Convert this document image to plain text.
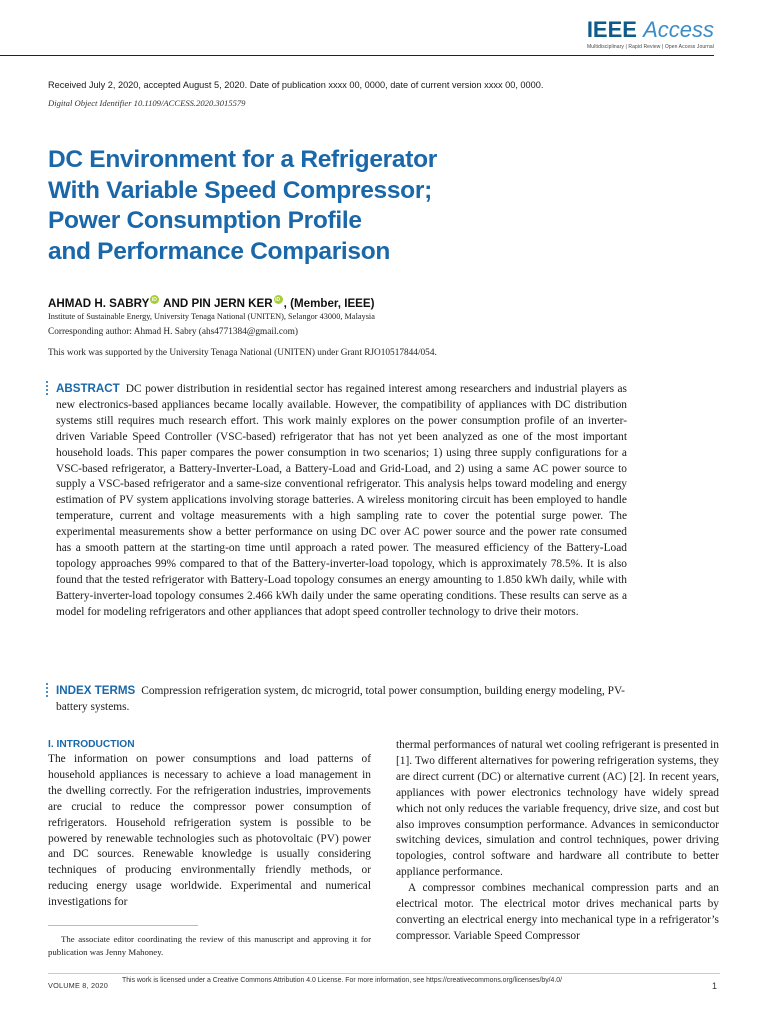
IEEE Access
Multidisciplinary | Rapid Review | Open Access Journal
Received July 2, 2020, accepted August 5, 2020. Date of publication xxxx 00, 0000, date of current version xxxx 00, 0000.
Digital Object Identifier 10.1109/ACCESS.2020.3015579
DC Environment for a Refrigerator
With Variable Speed Compressor;
Power Consumption Profile
and Performance Comparison
AHMAD H. SABRYiD AND PIN JERN KERiD , (Member, IEEE)
Institute of Sustainable Energy, University Tenaga National (UNITEN), Selangor 43000, Malaysia
Corresponding author: Ahmad H. Sabry (ahs4771384@gmail.com)
This work was supported by the University Tenaga National (UNITEN) under Grant RJO10517844/054.
ABSTRACT DC power distribution in residential sector has regained interest among researchers and industrial players as new electronics-based appliances became locally available. However, the compatibility of appliances with DC distribution systems still requires much research effort. This work mainly explores on the power consumption profile of an inverter-driven Variable Speed Controller (VSC-based) refrigerator that has not yet been analyzed as one of the most important household loads. This paper compares the power consumption in two scenarios; 1) using three supply configurations for a VSC-based refrigerator, a Battery-Inverter-Load, a Battery-Load and Grid-Load, and 2) using a same AC power source to supply a VSC-based refrigerator and a same-size conventional refrigerator. This analysis helps toward modeling and energy estimation of PV system applications involving storage batteries. A wireless monitoring circuit has been employed to handle temperature, current and voltage measurements with a high sampling rate to cover the potential surge power. The experimental measurements show a better performance on using DC over AC power source and the power rate consumed has a smooth pattern at the starting-on time until approach a rated power. The measured efficiency of the Battery-Load topology approaches 99% compared to that of the Battery-inverter-load topology, which is approximately 78.5%. It is also found that the tested refrigerator with Battery-Load topology consumes an energy amounting to 1.850 kWh daily, while with Battery-inverter-load topology consumes 2.466 kWh daily under the same operating conditions. These results can serve as a model for modeling refrigerators and other appliances that adopt speed controller technology to drive their motors.
INDEX TERMS Compression refrigeration system, dc microgrid, total power consumption, building energy modeling, PV-battery systems.
I. INTRODUCTION

The information on power consumptions and load patterns of household appliances is necessary to achieve a load management in the dwelling correctly. For the refrigeration industries, improvements are crucial to reduce the compressor power consumption of refrigerators. Household refrigeration system is possible to be powered by renewable technologies such as photovoltaic (PV) power and DC sources. Renewable knowledge is usually considering techniques of producing environmentally friendly methods, or reducing energy usage worldwide. Experimental and numerical investigations for

thermal performances of natural wet cooling refrigerant is presented in [1]. Two different alternatives for powering refrigeration systems, they are direct current (DC) or alternative current (AC) [2]. In recent years, appliances with power electronics technology have widely spread which not only reduces the variable frequency, drive size, and cost but also improves consumption performance. Advances in semiconductor switching devices, simulation and control techniques, power driving topologies, control software and hardware all contribute to better appliance performance.

A compressor combines mechanical compression parts and an electrical motor. The electrical motor drives mechanical parts by converting an electrical energy into mechanical type in a refrigerator’s compressor. Variable Speed Compressor

The associate editor coordinating the review of this manuscript and approving it for publication was Jenny Mahoney.
VOLUME 8, 2020
This work is licensed under a Creative Commons Attribution 4.0 License. For more information, see https://creativecommons.org/licenses/by/4.0/
1
